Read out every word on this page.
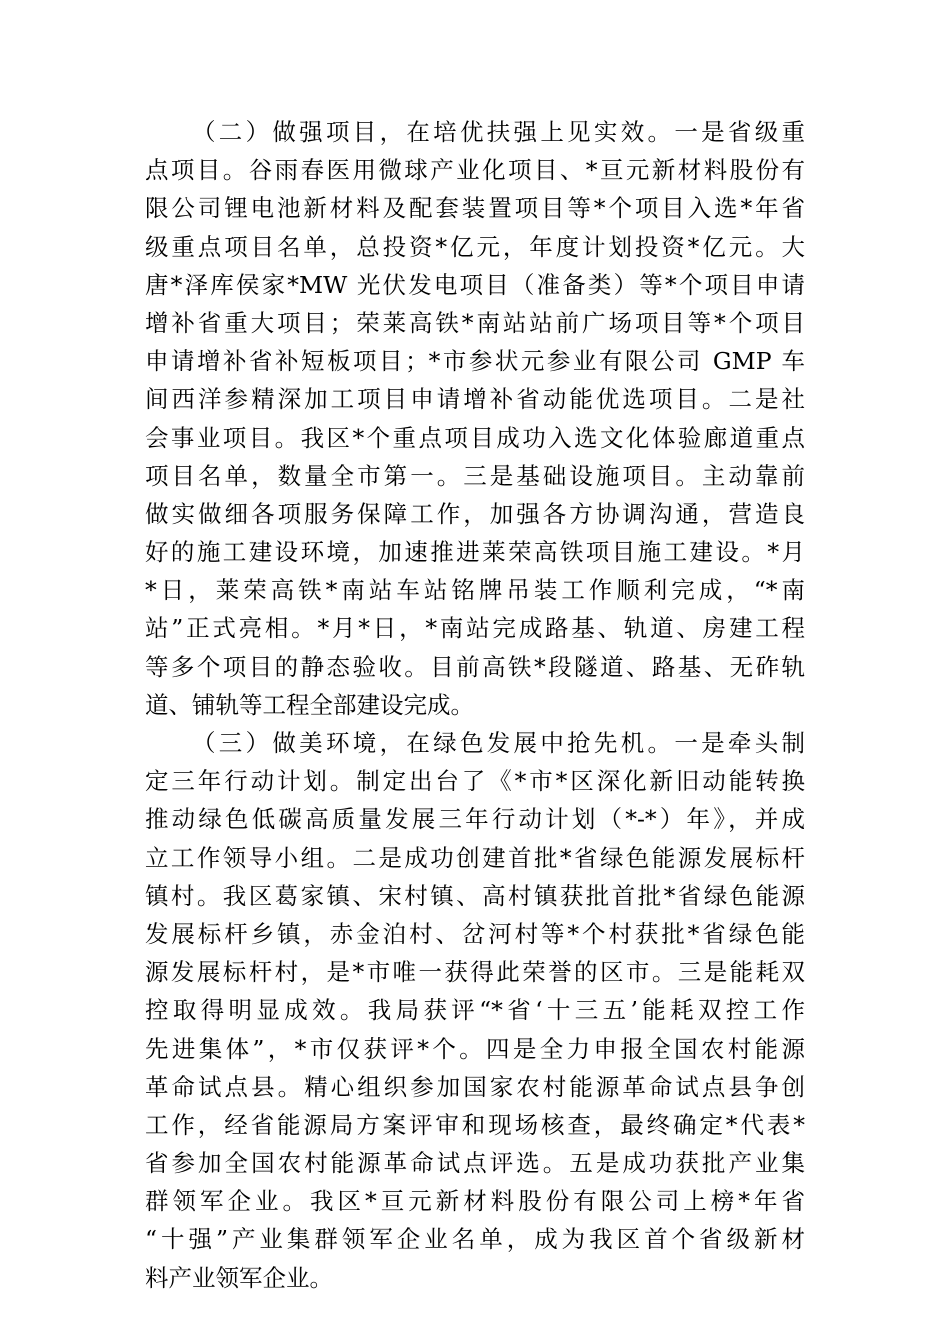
（二）做强项目，在培优扶强上见实效。一是省级重
点项目。谷雨春医用微球产业化项目、*亘元新材料股份有
限公司锂电池新材料及配套装置项目等*个项目入选*年省
级重点项目名单，总投资*亿元，年度计划投资*亿元。大
唐*泽库侯家*MW 光伏发电项目（准备类）等*个项目申请
增补省重大项目；荣莱高铁*南站站前广场项目等*个项目
申请增补省补短板项目；*市参状元参业有限公司 GMP 车
间西洋参精深加工项目申请增补省动能优选项目。二是社
会事业项目。我区*个重点项目成功入选文化体验廊道重点
项目名单，数量全市第一。三是基础设施项目。主动靠前
做实做细各项服务保障工作，加强各方协调沟通，营造良
好的施工建设环境，加速推进莱荣高铁项目施工建设。*月
*日，莱荣高铁*南站车站铭牌吊装工作顺利完成，“*南
站”正式亮相。*月*日，*南站完成路基、轨道、房建工程
等多个项目的静态验收。目前高铁*段隧道、路基、无砟轨
道、铺轨等工程全部建设完成。
（三）做美环境，在绿色发展中抢先机。一是牵头制
定三年行动计划。制定出台了《*市*区深化新旧动能转换
推动绿色低碳高质量发展三年行动计划（*-*）年》，并成
立工作领导小组。二是成功创建首批*省绿色能源发展标杆
镇村。我区葛家镇、宋村镇、高村镇获批首批*省绿色能源
发展标杆乡镇，赤金泊村、岔河村等*个村获批*省绿色能
源发展标杆村，是*市唯一获得此荣誉的区市。三是能耗双
控取得明显成效。我局获评“*省‘十三五’能耗双控工作
先进集体”，*市仅获评*个。四是全力申报全国农村能源
革命试点县。精心组织参加国家农村能源革命试点县争创
工作，经省能源局方案评审和现场核查，最终确定*代表*
省参加全国农村能源革命试点评选。五是成功获批产业集
群领军企业。我区*亘元新材料股份有限公司上榜*年省
“十强”产业集群领军企业名单，成为我区首个省级新材
料产业领军企业。
